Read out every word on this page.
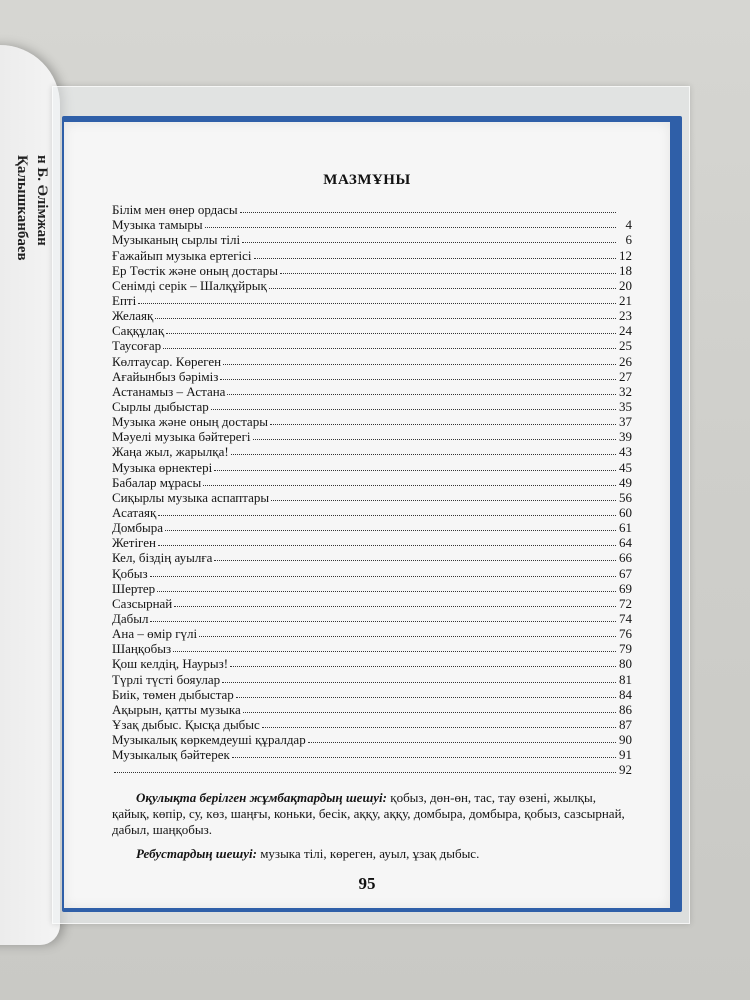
н Б. Әлімжан
Қалышканбаев	МАЗМҰНЫ
Білім мен өнер ордасы
Музыка тамыры	4
Музыканың сырлы тілі	6
Ғажайып музыка ертегісі	12
Ер Төстік және оның достары	18
Сенімді серік – Шалқұйрық	20
Епті	21
Желаяқ	23
Саққұлақ	24
Таусоғар	25
Көлтаусар. Көреген	26
Ағайынбыз бәріміз	27
Астанамыз – Астана	32
Сырлы дыбыстар	35
Музыка және оның достары	37
Мәуелі музыка бәйтерегі	39
Жаңа жыл, жарылқа!	43
Музыка өрнектері	45
Бабалар мұрасы	49
Сиқырлы музыка аспаптары	56
Асатаяқ	60
Домбыра	61
Жетіген	64
Кел, біздің ауылға	66
Қобыз	67
Шертер	69
Сазсырнай	72
Дабыл	74
Ана – өмір гүлі	76
Шаңқобыз	79
Қош келдің, Наурыз!	80
Түрлі түсті бояулар	81
Биік, төмен дыбыстар	84
Ақырын, қатты музыка	86
Ұзақ дыбыс. Қысқа дыбыс	87
Музыкалық көркемдеуші құралдар	90
Музыкалық бәйтерек	91
92

Оқулықта берілген жұмбақтардың шешуі: қобыз, дөн-өн, тас, тау өзені, жылқы, қайық, көпір, су, көз, шаңғы, коньки, бесік, аққу, аққу, домбыра, домбыра, қобыз, сазсырнай, дабыл, шаңқобыз.

Ребустардың шешуі: музыка тілі, көреген, ауыл, ұзақ дыбыс.

95
